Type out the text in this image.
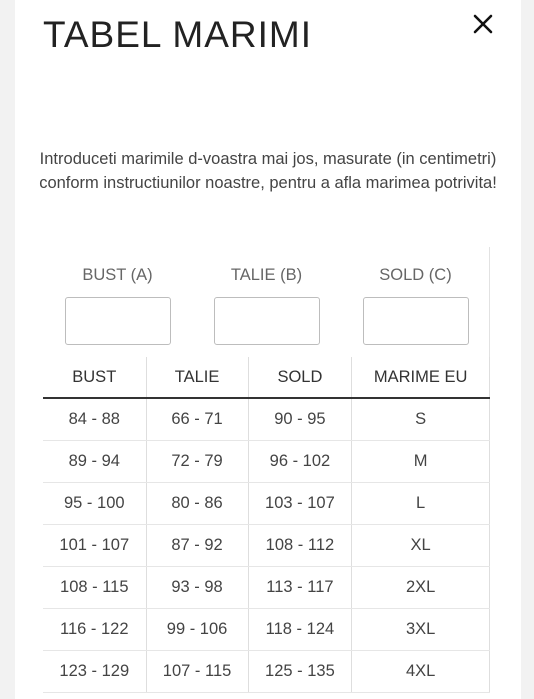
TABEL MARIMI
Introduceti marimile d-voastra mai jos, masurate (in centimetri) conform instructiunilor noastre, pentru a afla marimea potrivita!
BUST (A)	TALIE (B)	SOLD (C)
BUST	TALIE	SOLD	MARIME EU
84 - 88	66 - 71	90 - 95	S
89 - 94	72 - 79	96 - 102	M
95 - 100	80 - 86	103 - 107	L
101 - 107	87 - 92	108 - 112	XL
108 - 115	93 - 98	113 - 117	2XL
116 - 122	99 - 106	118 - 124	3XL
123 - 129	107 - 115	125 - 135	4XL
